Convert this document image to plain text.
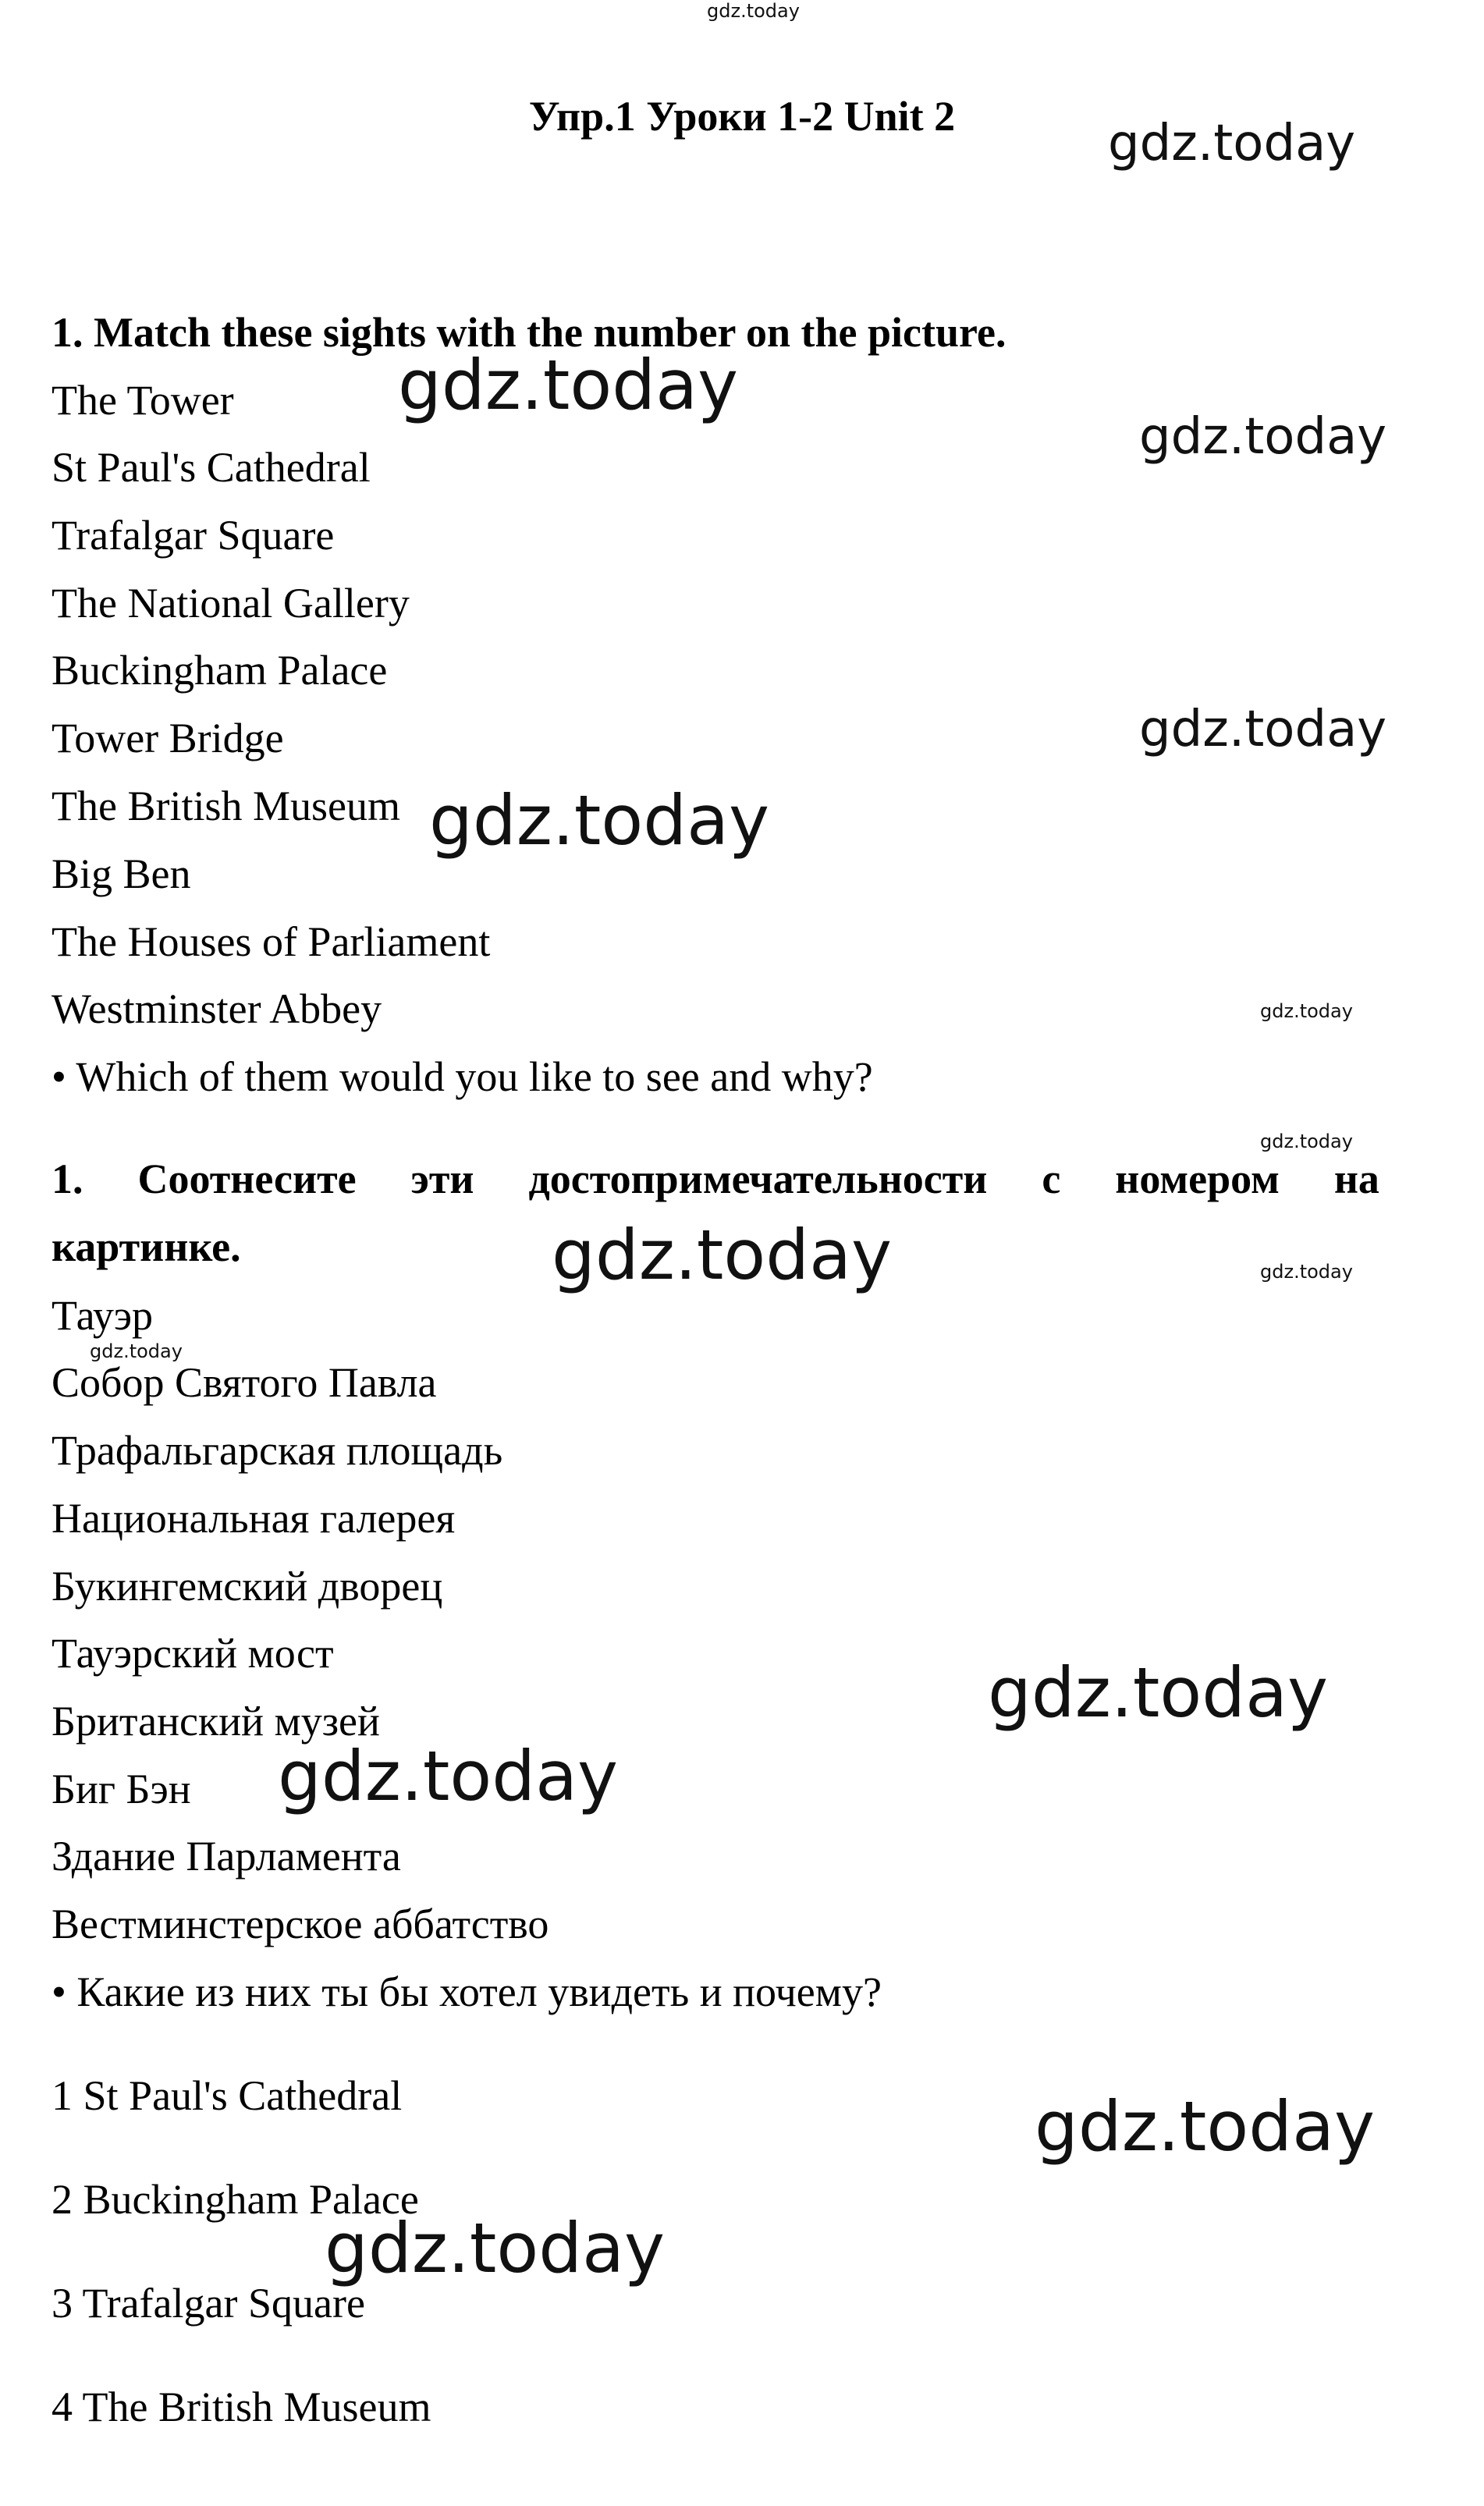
Упр.1 Уроки 1-2 Unit 2
1. Match these sights with the number on the picture.
The Tower
St Paul's Cathedral
Trafalgar Square
The National Gallery
Buckingham Palace
Tower Bridge
The British Museum
Big Ben
The Houses of Parliament
Westminster Abbey
• Which of them would you like to see and why?
1. Соотнесите эти достопримечательности с номером на
картинке.
Тауэр
Собор Святого Павла
Трафальгарская площадь
Национальная галерея
Букингемский дворец
Тауэрский мост
Британский музей
Биг Бэн
Здание Парламента
Вестминстерское аббатство
• Какие из них ты бы хотел увидеть и почему?
1 St Paul's Cathedral
2 Buckingham Palace
3 Trafalgar Square
4 The British Museum
gdz.today
gdz.today
gdz.today
gdz.today
gdz.today
gdz.today
gdz.today
gdz.today
gdz.today	gdz.today
gdz.today
gdz.today
gdz.today
gdz.today
gdz.today
